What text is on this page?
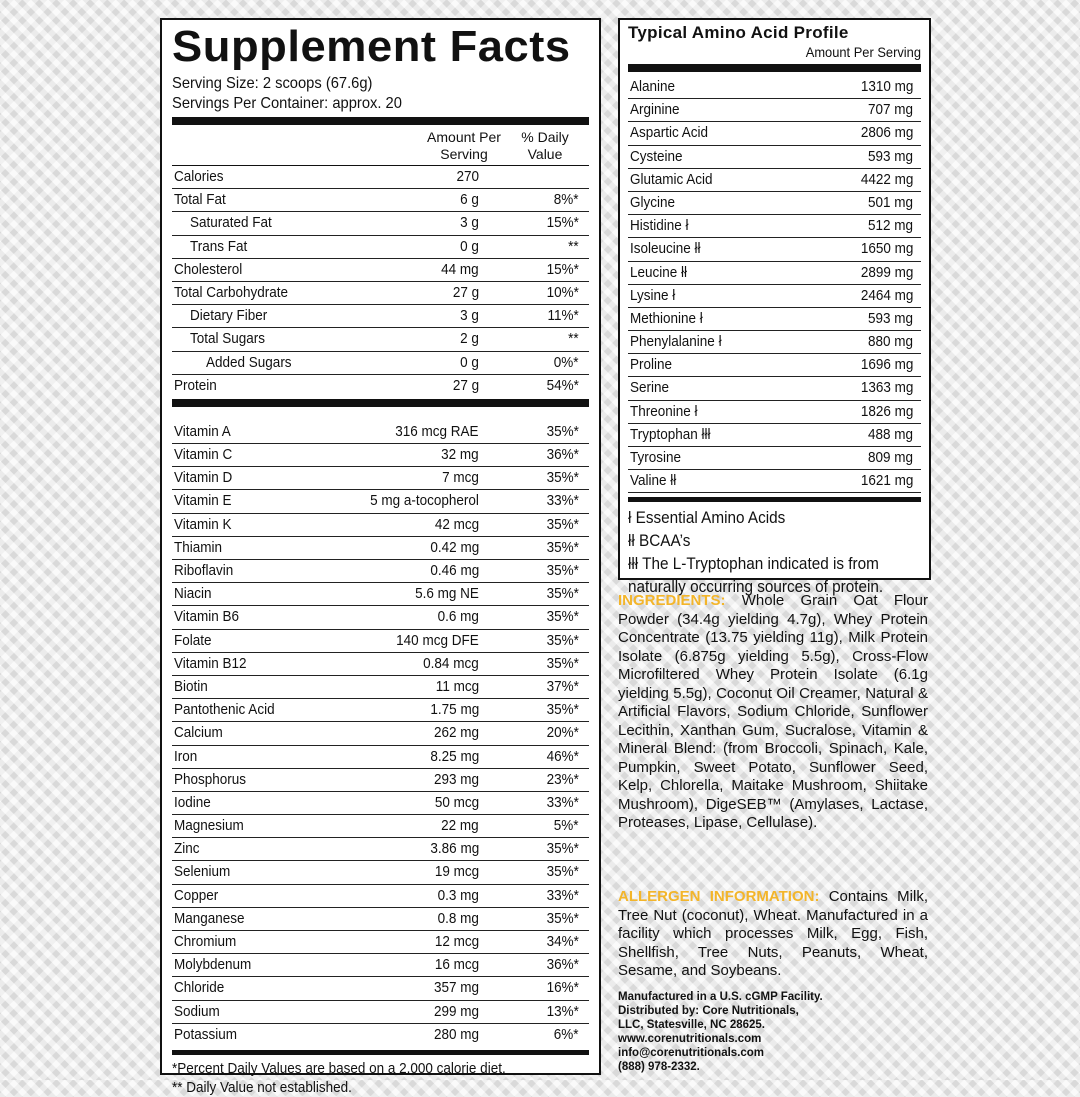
Supplement Facts
Serving Size: 2 scoops (67.6g)
Servings Per Container: approx. 20
Amount Per Serving
% Daily Value
Calories	270
Total Fat	6 g	8%*
Saturated Fat	3 g	15%*
Trans Fat	0 g	**
Cholesterol	44 mg	15%*
Total Carbohydrate	27 g	10%*
Dietary Fiber	3 g	11%*
Total Sugars	2 g	**
Added Sugars	0 g	0%*
Protein	27 g	54%*
Vitamin A	316 mcg RAE	35%*
Vitamin C	32 mg	36%*
Vitamin D	7 mcg	35%*
Vitamin E	5 mg a-tocopherol	33%*
Vitamin K	42 mcg	35%*
Thiamin	0.42 mg	35%*
Riboflavin	0.46 mg	35%*
Niacin	5.6 mg NE	35%*
Vitamin B6	0.6 mg	35%*
Folate	140 mcg DFE	35%*
Vitamin B12	0.84 mcg	35%*
Biotin	11 mcg	37%*
Pantothenic Acid	1.75 mg	35%*
Calcium	262 mg	20%*
Iron	8.25 mg	46%*
Phosphorus	293 mg	23%*
Iodine	50 mcg	33%*
Magnesium	22 mg	5%*
Zinc	3.86 mg	35%*
Selenium	19 mcg	35%*
Copper	0.3 mg	33%*
Manganese	0.8 mg	35%*
Chromium	12 mcg	34%*
Molybdenum	16 mcg	36%*
Chloride	357 mg	16%*
Sodium	299 mg	13%*
Potassium	280 mg	6%*
*Percent Daily Values are based on a 2,000 calorie diet.
** Daily Value not established.
Typical Amino Acid Profile
Amount Per Serving
Alanine	1310 mg
Arginine	707 mg
Aspartic Acid	2806 mg
Cysteine	593 mg
Glutamic Acid	4422 mg
Glycine	501 mg
Histidine ł	512 mg
Isoleucine łł	1650 mg
Leucine łł	2899 mg
Lysine ł	2464 mg
Methionine ł	593 mg
Phenylalanine ł	880 mg
Proline	1696 mg
Serine	1363 mg
Threonine ł	1826 mg
Tryptophan łłł	488 mg
Tyrosine	809 mg
Valine łł	1621 mg
ł Essential Amino Acids
łł BCAA’s
łłł The L-Tryptophan indicated is from
naturally occurring sources of protein.
INGREDIENTS: Whole Grain Oat Flour Powder (34.4g yielding 4.7g), Whey Protein Concentrate (13.75 yielding 11g), Milk Protein Isolate (6.875g yielding 5.5g), Cross-Flow Microfiltered Whey Protein Isolate (6.1g yielding 5.5g), Coconut Oil Creamer, Natural & Artificial Flavors, Sodium Chloride, Sunflower Lecithin, Xanthan Gum, Sucralose, Vitamin & Mineral Blend: (from Broccoli, Spinach, Kale, Pumpkin, Sweet Potato, Sunflower Seed, Kelp, Chlorella, Maitake Mushroom, Shiitake Mushroom), DigeSEB™ (Amylases, Lactase, Proteases, Lipase, Cellulase).
ALLERGEN INFORMATION: Contains Milk, Tree Nut (coconut), Wheat. Manufactured in a facility which processes Milk, Egg, Fish, Shellfish, Tree Nuts, Peanuts, Wheat, Sesame, and Soybeans.
Manufactured in a U.S. cGMP Facility.
Distributed by: Core Nutritionals,
LLC, Statesville, NC 28625.
www.corenutritionals.com
info@corenutritionals.com
(888) 978-2332.
